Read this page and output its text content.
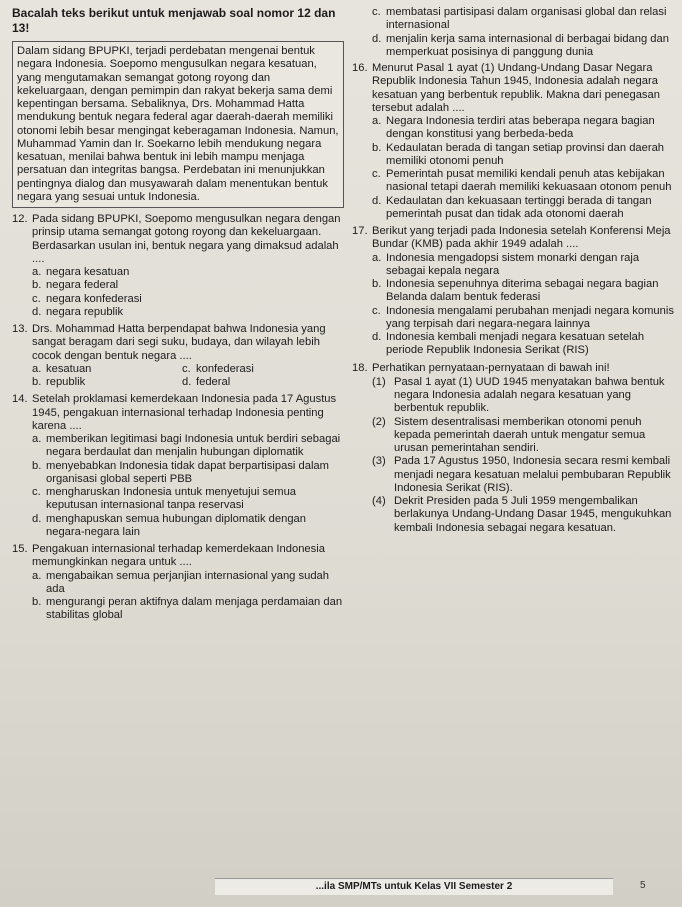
Bacalah teks berikut untuk menjawab soal nomor 12 dan 13!

Dalam sidang BPUPKI, terjadi perdebatan mengenai bentuk negara Indonesia. Soepomo mengusulkan negara kesatuan, yang mengutamakan semangat gotong royong dan kekeluargaan, dengan pemimpin dan rakyat bekerja sama demi kepentingan bersama. Sebaliknya, Drs. Mohammad Hatta mendukung bentuk negara federal agar daerah-daerah memiliki otonomi lebih besar mengingat keberagaman Indonesia. Namun, Muhammad Yamin dan Ir. Soekarno lebih mendukung negara kesatuan, menilai bahwa bentuk ini lebih mampu menjaga persatuan dan integritas bangsa. Perdebatan ini menunjukkan pentingnya dialog dan musyawarah dalam menentukan bentuk negara yang sesuai untuk Indonesia.

12. Pada sidang BPUPKI, Soepomo mengusulkan negara dengan prinsip utama semangat gotong royong dan kekeluargaan. Berdasarkan usulan ini, bentuk negara yang dimaksud adalah ....
a. negara kesatuan
b. negara federal
c. negara konfederasi
d. negara republik
13. Drs. Mohammad Hatta berpendapat bahwa Indonesia yang sangat beragam dari segi suku, budaya, dan wilayah lebih cocok dengan bentuk negara ....
a. kesatuan	c. konfederasi
b. republik	d. federal
14. Setelah proklamasi kemerdekaan Indonesia pada 17 Agustus 1945, pengakuan internasional terhadap Indonesia penting karena ....
a. memberikan legitimasi bagi Indonesia untuk berdiri sebagai negara berdaulat dan menjalin hubungan diplomatik
b. menyebabkan Indonesia tidak dapat berpartisipasi dalam organisasi global seperti PBB
c. mengharuskan Indonesia untuk menyetujui semua keputusan internasional tanpa reservasi
d. menghapuskan semua hubungan diplomatik dengan negara-negara lain
15. Pengakuan internasional terhadap kemerdekaan Indonesia memungkinkan negara untuk ....
a. mengabaikan semua perjanjian internasional yang sudah ada
b. mengurangi peran aktifnya dalam menjaga perdamaian dan stabilitas global
c. membatasi partisipasi dalam organisasi global dan relasi internasional
d. menjalin kerja sama internasional di berbagai bidang dan memperkuat posisinya di panggung dunia
16. Menurut Pasal 1 ayat (1) Undang-Undang Dasar Negara Republik Indonesia Tahun 1945, Indonesia adalah negara kesatuan yang berbentuk republik. Makna dari penegasan tersebut adalah ....
a. Negara Indonesia terdiri atas beberapa negara bagian dengan konstitusi yang berbeda-beda
b. Kedaulatan berada di tangan setiap provinsi dan daerah memiliki otonomi penuh
c. Pemerintah pusat memiliki kendali penuh atas kebijakan nasional tetapi daerah memiliki kekuasaan otonom penuh
d. Kedaulatan dan kekuasaan tertinggi berada di tangan pemerintah pusat dan tidak ada otonomi daerah
17. Berikut yang terjadi pada Indonesia setelah Konferensi Meja Bundar (KMB) pada akhir 1949 adalah ....
a. Indonesia mengadopsi sistem monarki dengan raja sebagai kepala negara
b. Indonesia sepenuhnya diterima sebagai negara bagian Belanda dalam bentuk federasi
c. Indonesia mengalami perubahan menjadi negara komunis yang terpisah dari negara-negara lainnya
d. Indonesia kembali menjadi negara kesatuan setelah periode Republik Indonesia Serikat (RIS)
18. Perhatikan pernyataan-pernyataan di bawah ini!
(1) Pasal 1 ayat (1) UUD 1945 menyatakan bahwa bentuk negara Indonesia adalah negara kesatuan yang berbentuk republik.
(2) Sistem desentralisasi memberikan otonomi penuh kepada pemerintah daerah untuk mengatur semua urusan pemerintahan sendiri.
(3) Pada 17 Agustus 1950, Indonesia secara resmi kembali menjadi negara kesatuan melalui pembubaran Republik Indonesia Serikat (RIS).
(4) Dekrit Presiden pada 5 Juli 1959 mengembalikan berlakunya Undang-Undang Dasar 1945, mengukuhkan kembali Indonesia sebagai negara kesatuan.
...ila SMP/MTs untuk Kelas VII Semester 2	5
